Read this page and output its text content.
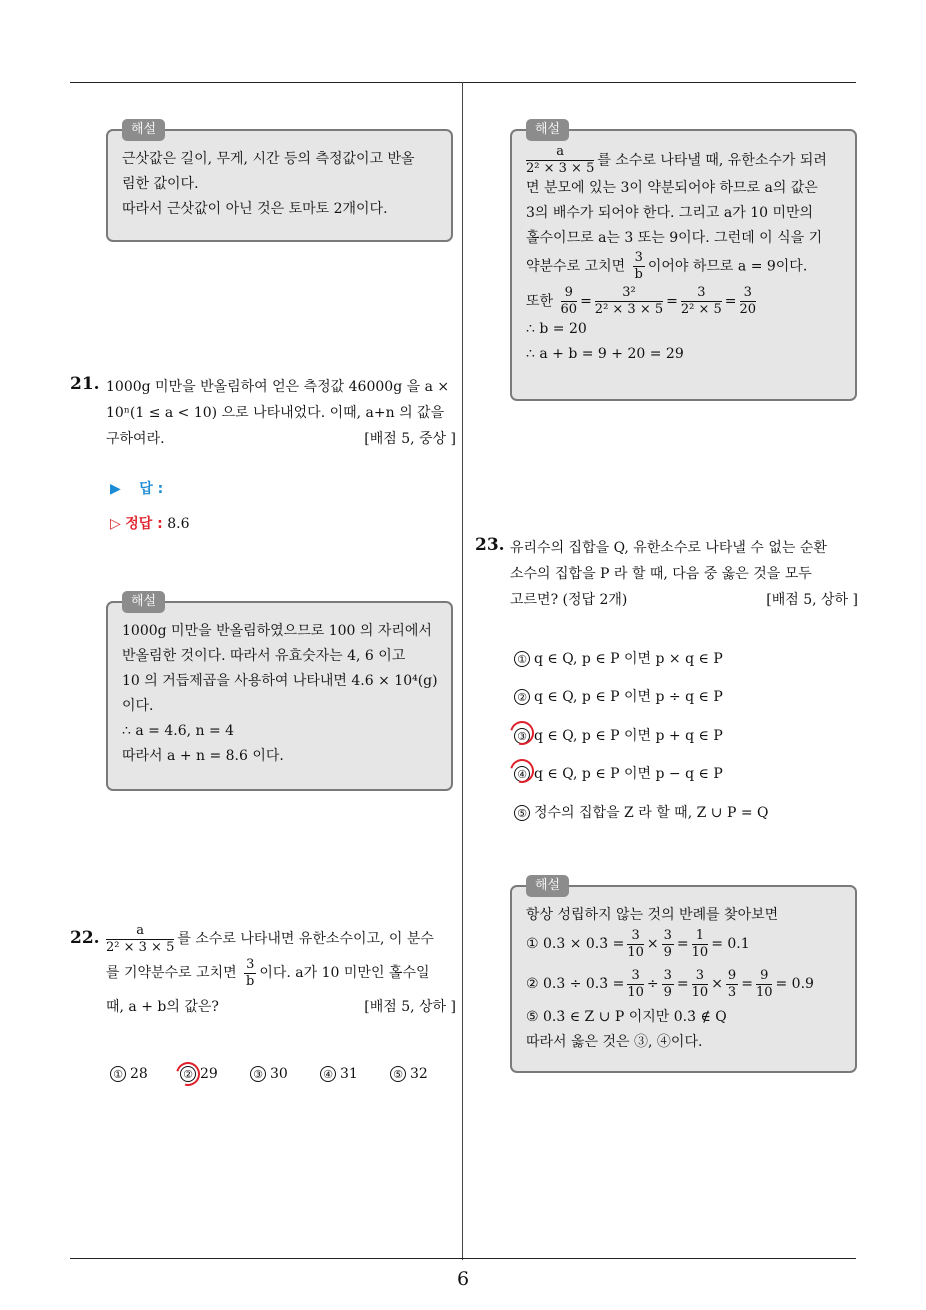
6
해설
근삿값은 길이, 무게, 시간 등의 측정값이고 반올
림한 값이다.
따라서 근삿값이 아닌 것은 토마토 2개이다.
21. 1000g 미만을 반올림하여 얻은 측정값 46000g 을 a ×
10ⁿ(1 ≤ a < 10) 으로 나타내었다. 이때, a+n 의 값을
구하여라.	[배점 5, 중상 ]
▶ 답 :
▷ 정답 : 8.6
해설
1000g 미만을 반올림하였으므로 100 의 자리에서
반올림한 것이다. 따라서 유효숫자는 4, 6 이고
10 의 거듭제곱을 사용하여 나타내면 4.6 × 10⁴(g)
이다.
∴ a = 4.6, n = 4
따라서 a + n = 8.6 이다.
22. $\frac{a}{\text{2² × 3 × 5}}$ 를 소수로 나타내면 유한소수이고, 이 분수
를 기약분수로 고치면 $\frac{3}{b}$ 이다. a가 10 미만인 홀수일
때, a + b의 값은?	[배점 5, 상하 ]
① 28	② 29	③ 30	④ 31	⑤ 32
해설
$\frac{a}{\text{2² × 3 × 5}}$ 를 소수로 나타낼 때, 유한소수가 되려
면 분모에 있는 3이 약분되어야 하므로 a의 값은
3의 배수가 되어야 한다. 그리고 a가 10 미만의
홀수이므로 a는 3 또는 9이다. 그런데 이 식을 기
약분수로 고치면 $\frac{3}{b}$ 이어야 하므로 a = 9이다.
또한 $\frac{9}{60} = \frac{\text{3²}}{\text{2² × 3 × 5}} = \frac{3}{\text{2² × 5}} = \frac{3}{20}$
∴ b = 20
∴ a + b = 9 + 20 = 29
23. 유리수의 집합을 Q, 유한소수로 나타낼 수 없는 순환
소수의 집합을 P 라 할 때, 다음 중 옳은 것을 모두
고르면? (정답 2개)	[배점 5, 상하 ]
① q ∈ Q, p ∈ P 이면 p × q ∈ P
② q ∈ Q, p ∈ P 이면 p ÷ q ∈ P
③ q ∈ Q, p ∈ P 이면 p + q ∈ P
④ q ∈ Q, p ∈ P 이면 p − q ∈ P
⑤ 정수의 집합을 Z 라 할 때, Z ∪ P = Q
해설
항상 성립하지 않는 것의 반례를 찾아보면
① 0.3 × 0.3̇ = $\frac{3}{10} \times \frac{3}{9} = \frac{1}{10} = 0.1$
② 0.3 ÷ 0.3̇ = $\frac{3}{10} \div \frac{3}{9} = \frac{3}{10} \times \frac{9}{3} = \frac{9}{10} = 0.9$
⑤ 0.3̇ ∈ Z ∪ P 이지만 0.3̇ ∉ Q
따라서 옳은 것은 ③, ④이다.
